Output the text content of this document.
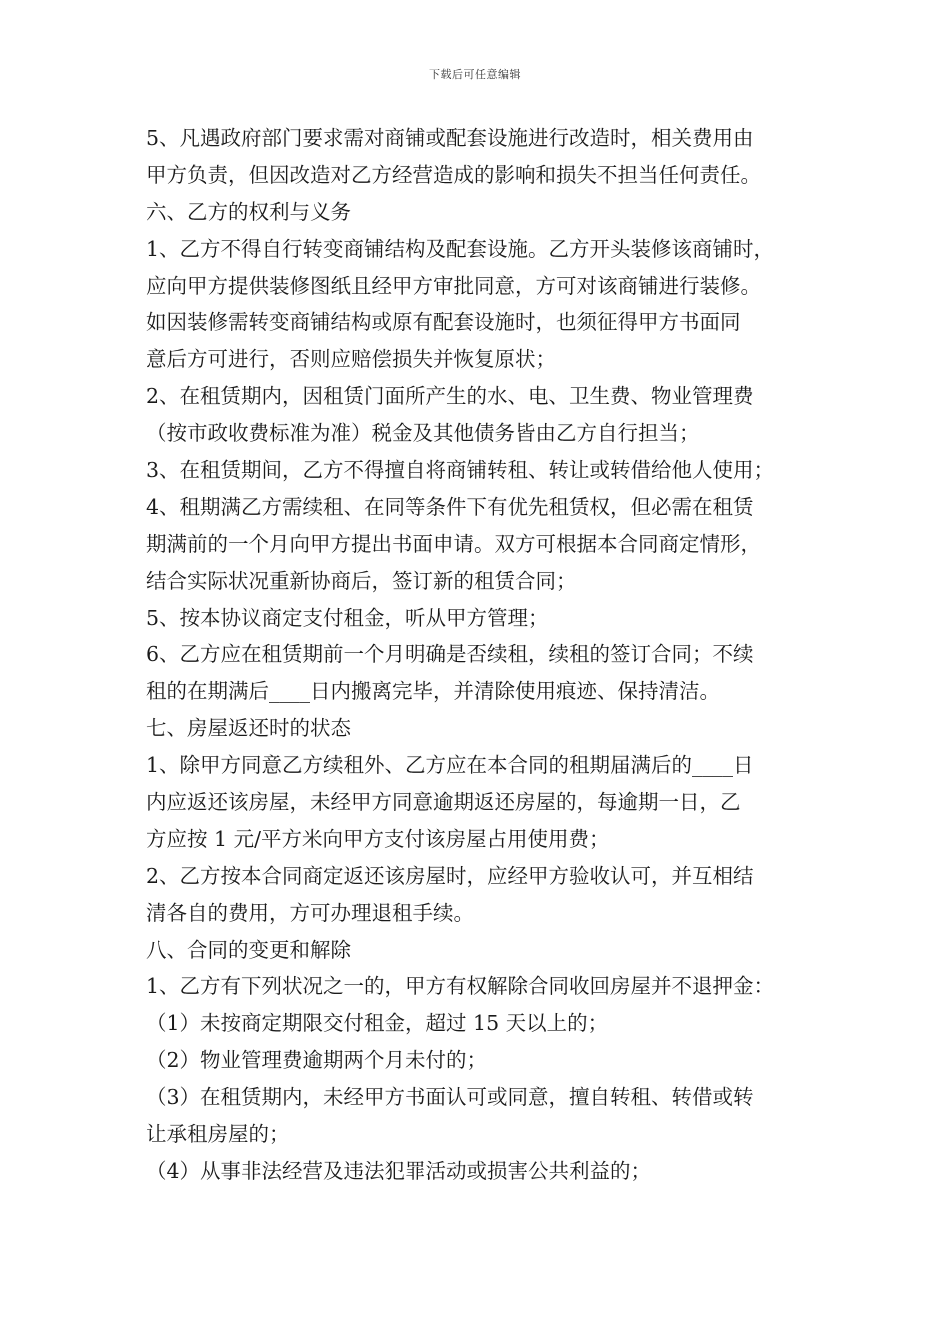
下载后可任意编辑
5、凡遇政府部门要求需对商铺或配套设施进行改造时，相关费用由
甲方负责，但因改造对乙方经营造成的影响和损失不担当任何责任。
六、乙方的权利与义务
1、乙方不得自行转变商铺结构及配套设施。乙方开头装修该商铺时，
应向甲方提供装修图纸且经甲方审批同意，方可对该商铺进行装修。
如因装修需转变商铺结构或原有配套设施时，也须征得甲方书面同
意后方可进行，否则应赔偿损失并恢复原状；
2、在租赁期内，因租赁门面所产生的水、电、卫生费、物业管理费
（按市政收费标准为准）税金及其他债务皆由乙方自行担当；
3、在租赁期间，乙方不得擅自将商铺转租、转让或转借给他人使用；
4、租期满乙方需续租、在同等条件下有优先租赁权，但必需在租赁
期满前的一个月向甲方提出书面申请。双方可根据本合同商定情形，
结合实际状况重新协商后，签订新的租赁合同；
5、按本协议商定支付租金，听从甲方管理；
6、乙方应在租赁期前一个月明确是否续租，续租的签订合同；不续
租的在期满后____日内搬离完毕，并清除使用痕迹、保持清洁。
七、房屋返还时的状态
1、除甲方同意乙方续租外、乙方应在本合同的租期届满后的____日
内应返还该房屋，未经甲方同意逾期返还房屋的，每逾期一日，乙
方应按 1 元/平方米向甲方支付该房屋占用使用费；
2、乙方按本合同商定返还该房屋时，应经甲方验收认可，并互相结
清各自的费用，方可办理退租手续。
八、合同的变更和解除
1、乙方有下列状况之一的，甲方有权解除合同收回房屋并不退押金：
（1）未按商定期限交付租金，超过 15 天以上的；
（2）物业管理费逾期两个月未付的；
（3）在租赁期内，未经甲方书面认可或同意，擅自转租、转借或转
让承租房屋的；
（4）从事非法经营及违法犯罪活动或损害公共利益的；
